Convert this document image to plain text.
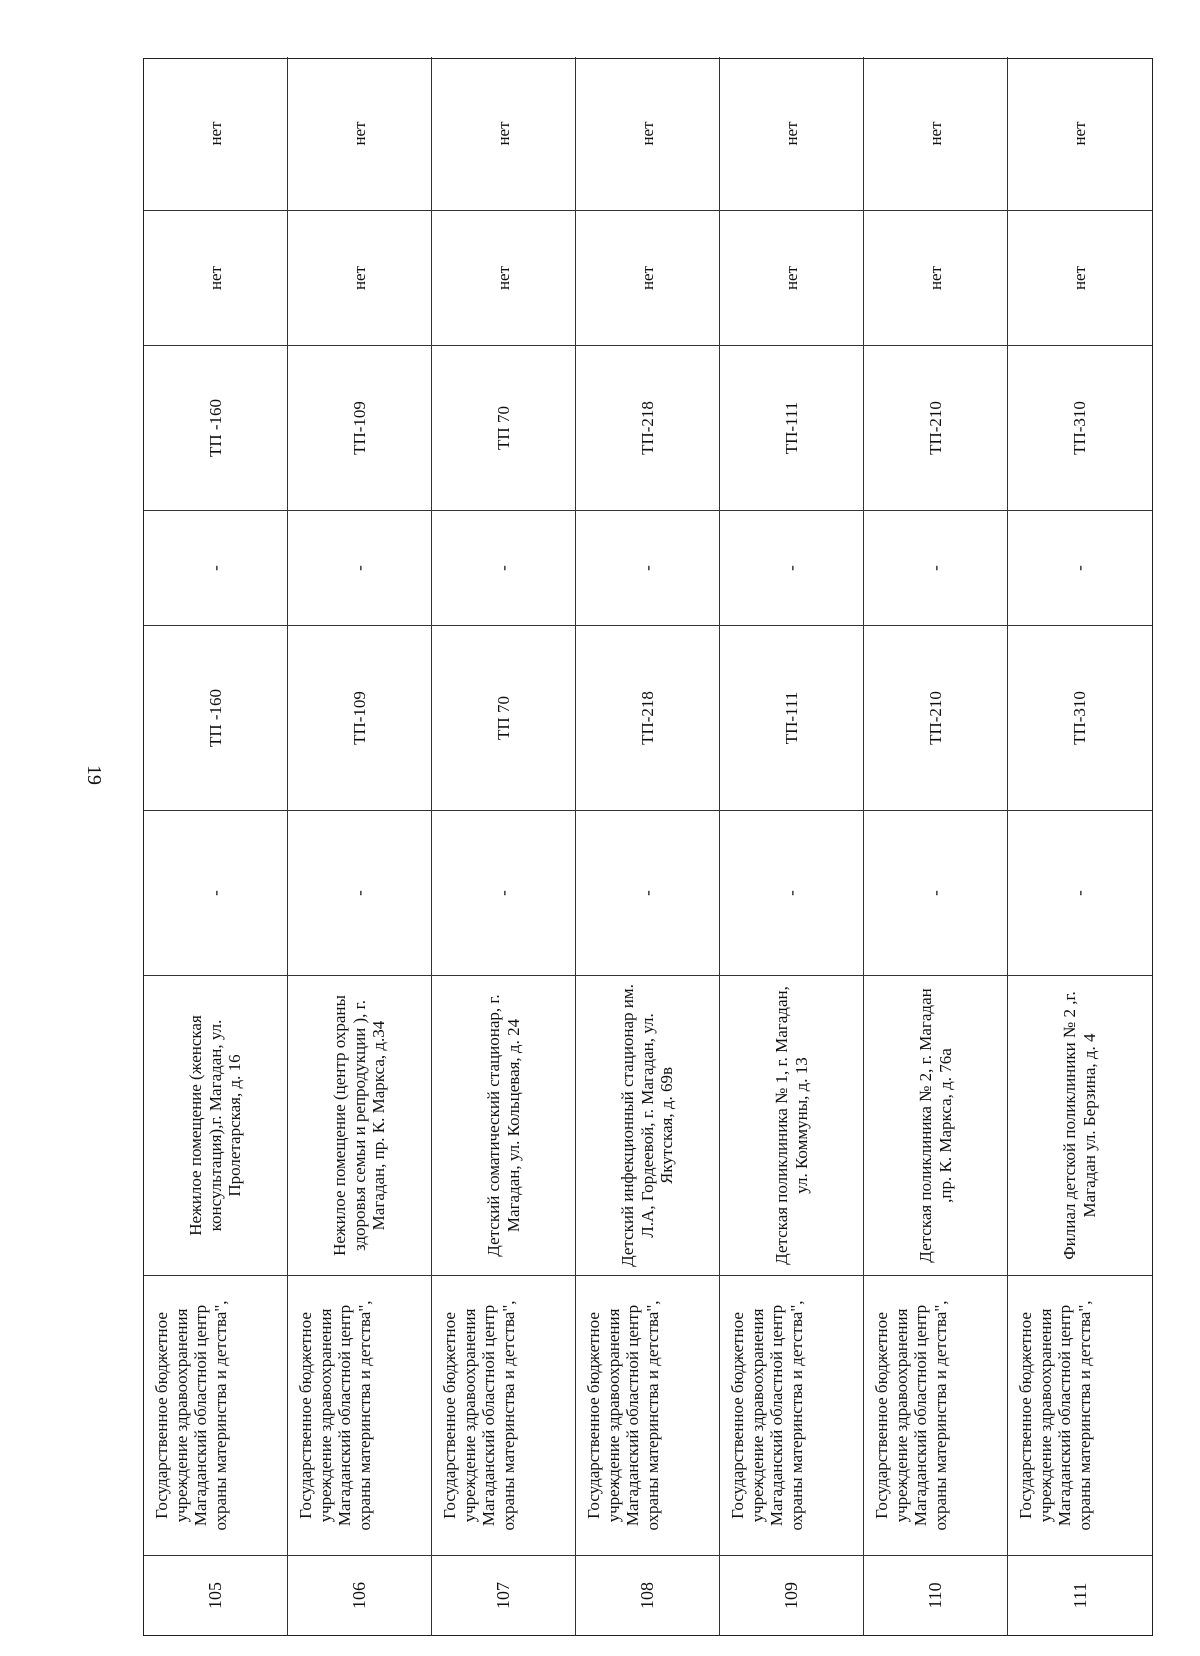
19
105
Государственное бюджетное учреждение здравоохранения Магаданский областной центр охраны материнства и детства",
Нежилое помещение (женская консультация),г. Магадан, ул. Пролетарская, д. 16
-
ТП -160
-
ТП -160
нет
нет
106
Государственное бюджетное учреждение здравоохранения Магаданский областной центр охраны материнства и детства",
Нежилое помещение (центр охраны здоровья семьи и репродукции ), г. Магадан, пр. К. Маркса, д.34
-
ТП-109
-
ТП-109
нет
нет
107
Государственное бюджетное учреждение здравоохранения Магаданский областной центр охраны материнства и детства",
Детский соматический стационар, г. Магадан, ул. Кольцевая, д. 24
-
ТП 70
-
ТП 70
нет
нет
108
Государственное бюджетное учреждение здравоохранения Магаданский областной центр охраны материнства и детства",
Детский инфекционный стационар им. Л.А, Гордеевой, г. Магадан, ул. Якутская, д. 69в
-
ТП-218
-
ТП-218
нет
нет
109
Государственное бюджетное учреждение здравоохранения Магаданский областной центр охраны материнства и детства",
Детская поликлиника № 1, г. Магадан, ул. Коммуны, д. 13
-
ТП-111
-
ТП-111
нет
нет
110
Государственное бюджетное учреждение здравоохранения Магаданский областной центр охраны материнства и детства",
Детская поликлиника № 2, г. Магадан ,пр. К. Маркса, д. 76а
-
ТП-210
-
ТП-210
нет
нет
111
Государственное бюджетное учреждение здравоохранения Магаданский областной центр охраны материнства и детства",
Филиал детской поликлиники № 2 ,г. Магадан ул. Берзина, д. 4
-
ТП-310
-
ТП-310
нет
нет
